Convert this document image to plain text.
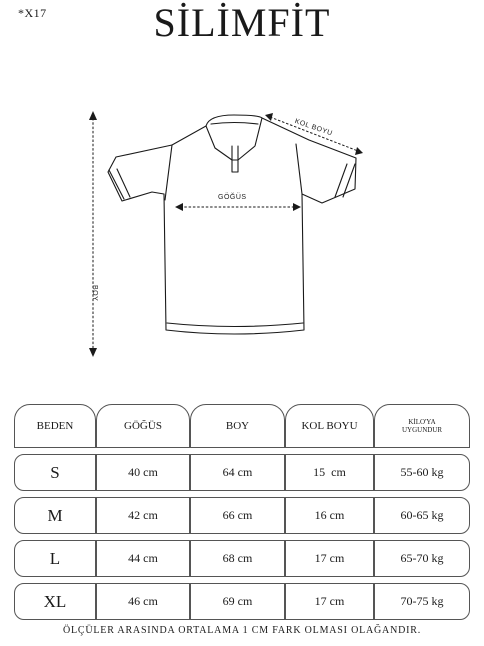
*X17	SİLİMFİT
GÖĞÜS
KOL BOYU
BOY
BEDEN	GÖĞÜS	BOY	KOL BOYU	KİLO'YA UYGUNDUR
S	40 cm	64 cm	15  cm	55-60 kg
M	42 cm	66 cm	16 cm	60-65 kg
L	44 cm	68 cm	17 cm	65-70 kg
XL	46 cm	69 cm	17 cm	70-75 kg
ÖLÇÜLER ARASINDA ORTALAMA 1 CM FARK OLMASI OLAĞANDIR.
